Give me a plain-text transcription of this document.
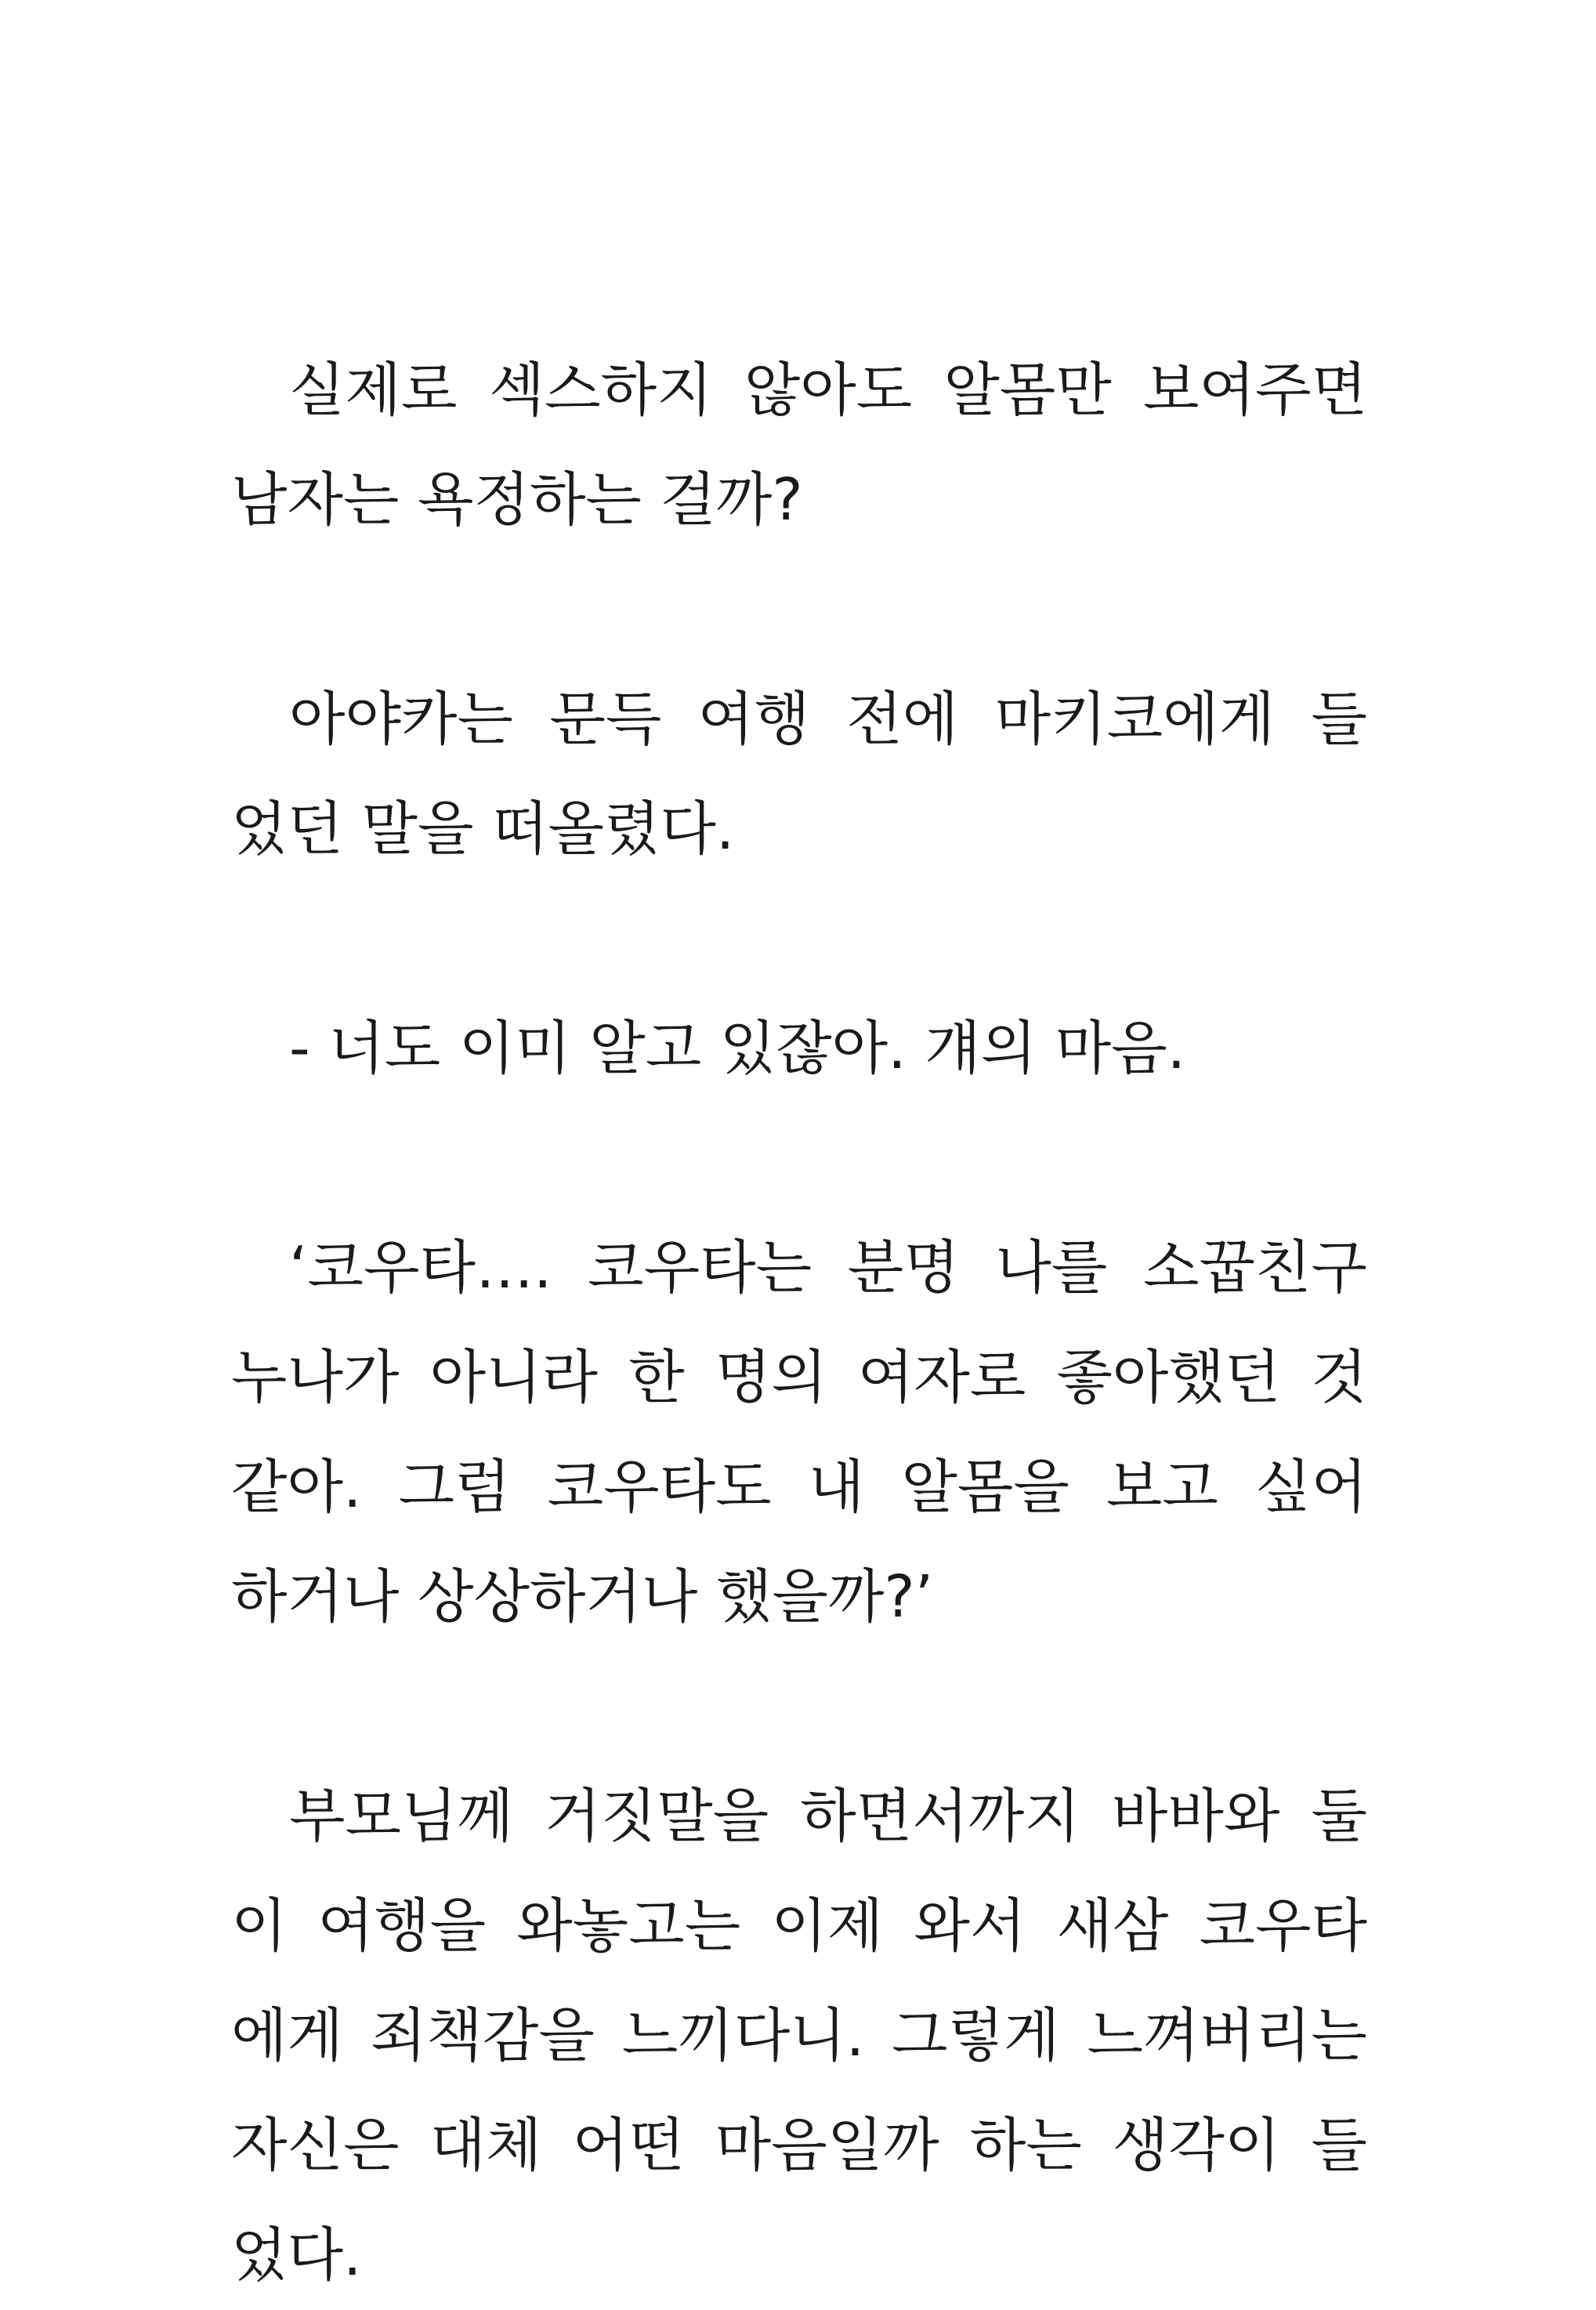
실제로 섹스하지 않아도 알몸만 보여주면
남자는 욕정하는 걸까?
아야카는 문득 여행 전에 마키코에게 들
었던 말을 떠올렸다.
- 너도 이미 알고 있잖아. 걔의 마음.
‘코우타…. 코우타는 분명 나를 소꿉친구
누나가 아니라 한 명의 여자로 좋아했던 것
같아. 그럼 코우타도 내 알몸을 보고 싶어
하거나 상상하거나 했을까?’
부모님께 거짓말을 하면서까지 바바와 둘
이 여행을 와놓고는 이제 와서 새삼 코우타
에게 죄책감을 느끼다니. 그렇게 느껴버리는
자신은 대체 어떤 마음일까 하는 생각이 들
었다.
